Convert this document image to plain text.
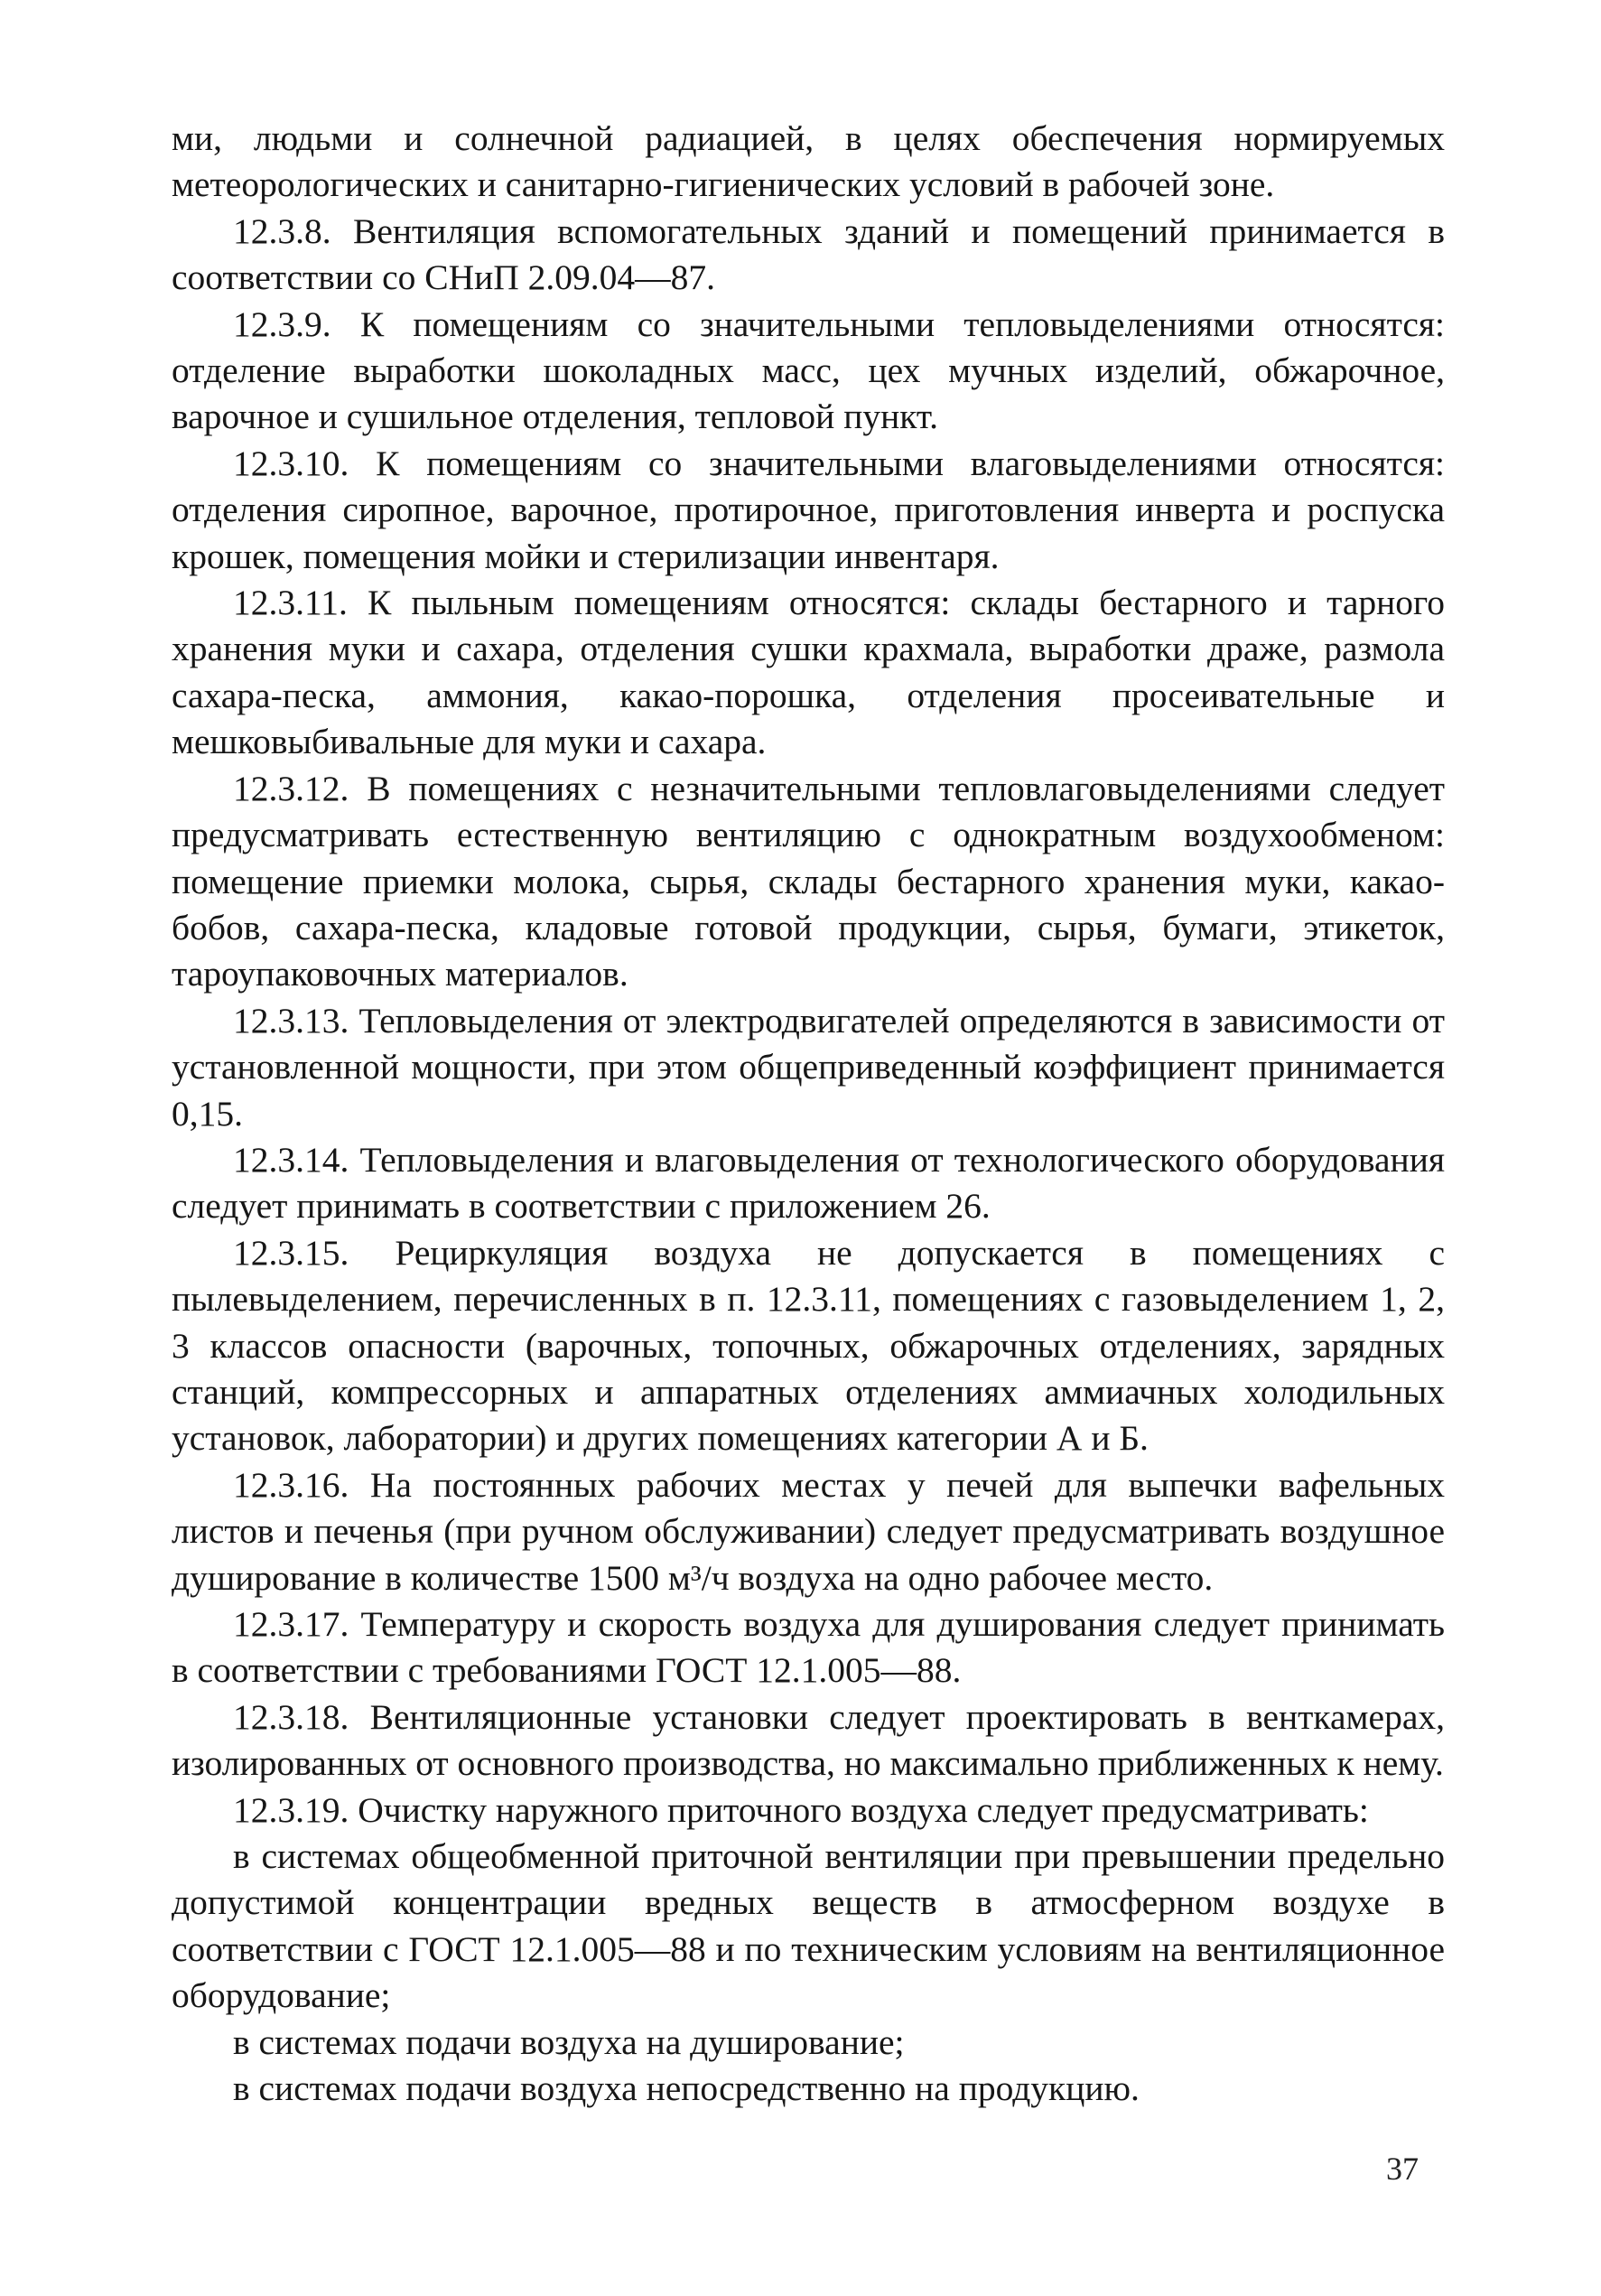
ми, людьми и солнечной радиацией, в целях обеспечения нормируемых метеорологических и санитарно-гигиенических условий в рабочей зоне.

12.3.8. Вентиляция вспомогательных зданий и помещений принимается в соответствии со СНиП 2.09.04—87.

12.3.9. К помещениям со значительными тепловыделениями относятся: отделение выработки шоколадных масс, цех мучных изделий, обжарочное, варочное и сушильное отделения, тепловой пункт.

12.3.10. К помещениям со значительными влаговыделениями относятся: отделения сиропное, варочное, протирочное, приготовления инверта и роспуска крошек, помещения мойки и стерилизации инвентаря.

12.3.11. К пыльным помещениям относятся: склады бестарного и тарного хранения муки и сахара, отделения сушки крахмала, выработки драже, размола сахара-песка, аммония, какао-порошка, отделения просеивательные и мешковыбивальные для муки и сахара.

12.3.12. В помещениях с незначительными тепловлаговыделениями следует предусматривать естественную вентиляцию с однократным воздухообменом: помещение приемки молока, сырья, склады бестарного хранения муки, какао-бобов, сахара-песка, кладовые готовой продукции, сырья, бумаги, этикеток, тароупаковочных материалов.

12.3.13. Тепловыделения от электродвигателей определяются в зависимости от установленной мощности, при этом общеприведенный коэффициент принимается 0,15.

12.3.14. Тепловыделения и влаговыделения от технологического оборудования следует принимать в соответствии с приложением 26.

12.3.15. Рециркуляция воздуха не допускается в помещениях с пылевыделением, перечисленных в п. 12.3.11, помещениях с газовыделением 1, 2, 3 классов опасности (варочных, топочных, обжарочных отделениях, зарядных станций, компрессорных и аппаратных отделениях аммиачных холодильных установок, лаборатории) и других помещениях категории А и Б.

12.3.16. На постоянных рабочих местах у печей для выпечки вафельных листов и печенья (при ручном обслуживании) следует предусматривать воздушное душирование в количестве 1500 м³/ч воздуха на одно рабочее место.

12.3.17. Температуру и скорость воздуха для душирования следует принимать в соответствии с требованиями ГОСТ 12.1.005—88.

12.3.18. Вентиляционные установки следует проектировать в венткамерах, изолированных от основного производства, но максимально приближенных к нему.

12.3.19. Очистку наружного приточного воздуха следует предусматривать:

в системах общеобменной приточной вентиляции при превышении предельно допустимой концентрации вредных веществ в атмосферном воздухе в соответствии с ГОСТ 12.1.005—88 и по техническим условиям на вентиляционное оборудование;

в системах подачи воздуха на душирование;

в системах подачи воздуха непосредственно на продукцию.

37
